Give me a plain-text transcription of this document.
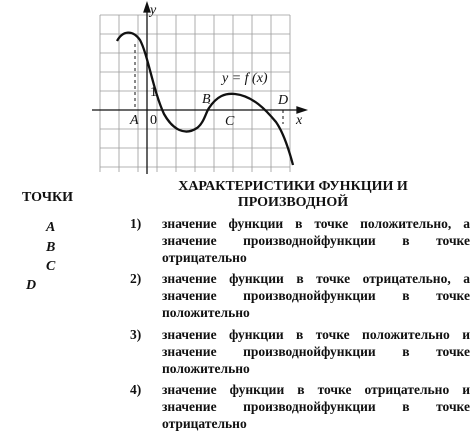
x
y
0
1
A
B
C
D
y = f (x)
ТОЧКИ
ХАРАКТЕРИСТИКИ ФУНКЦИИ И ПРОИЗВОДНОЙ
A
B
C
D
1) значение функции в точке положительно, а значение производнойфункции в точке отрицательно
2) значение функции в точке отрицательно, а значение производнойфункции в точке положительно
3) значение функции в точке положительно и значение производнойфункции в точке положительно
4) значение функции в точке отрицательно и значение производнойфункции в точке отрицательно
